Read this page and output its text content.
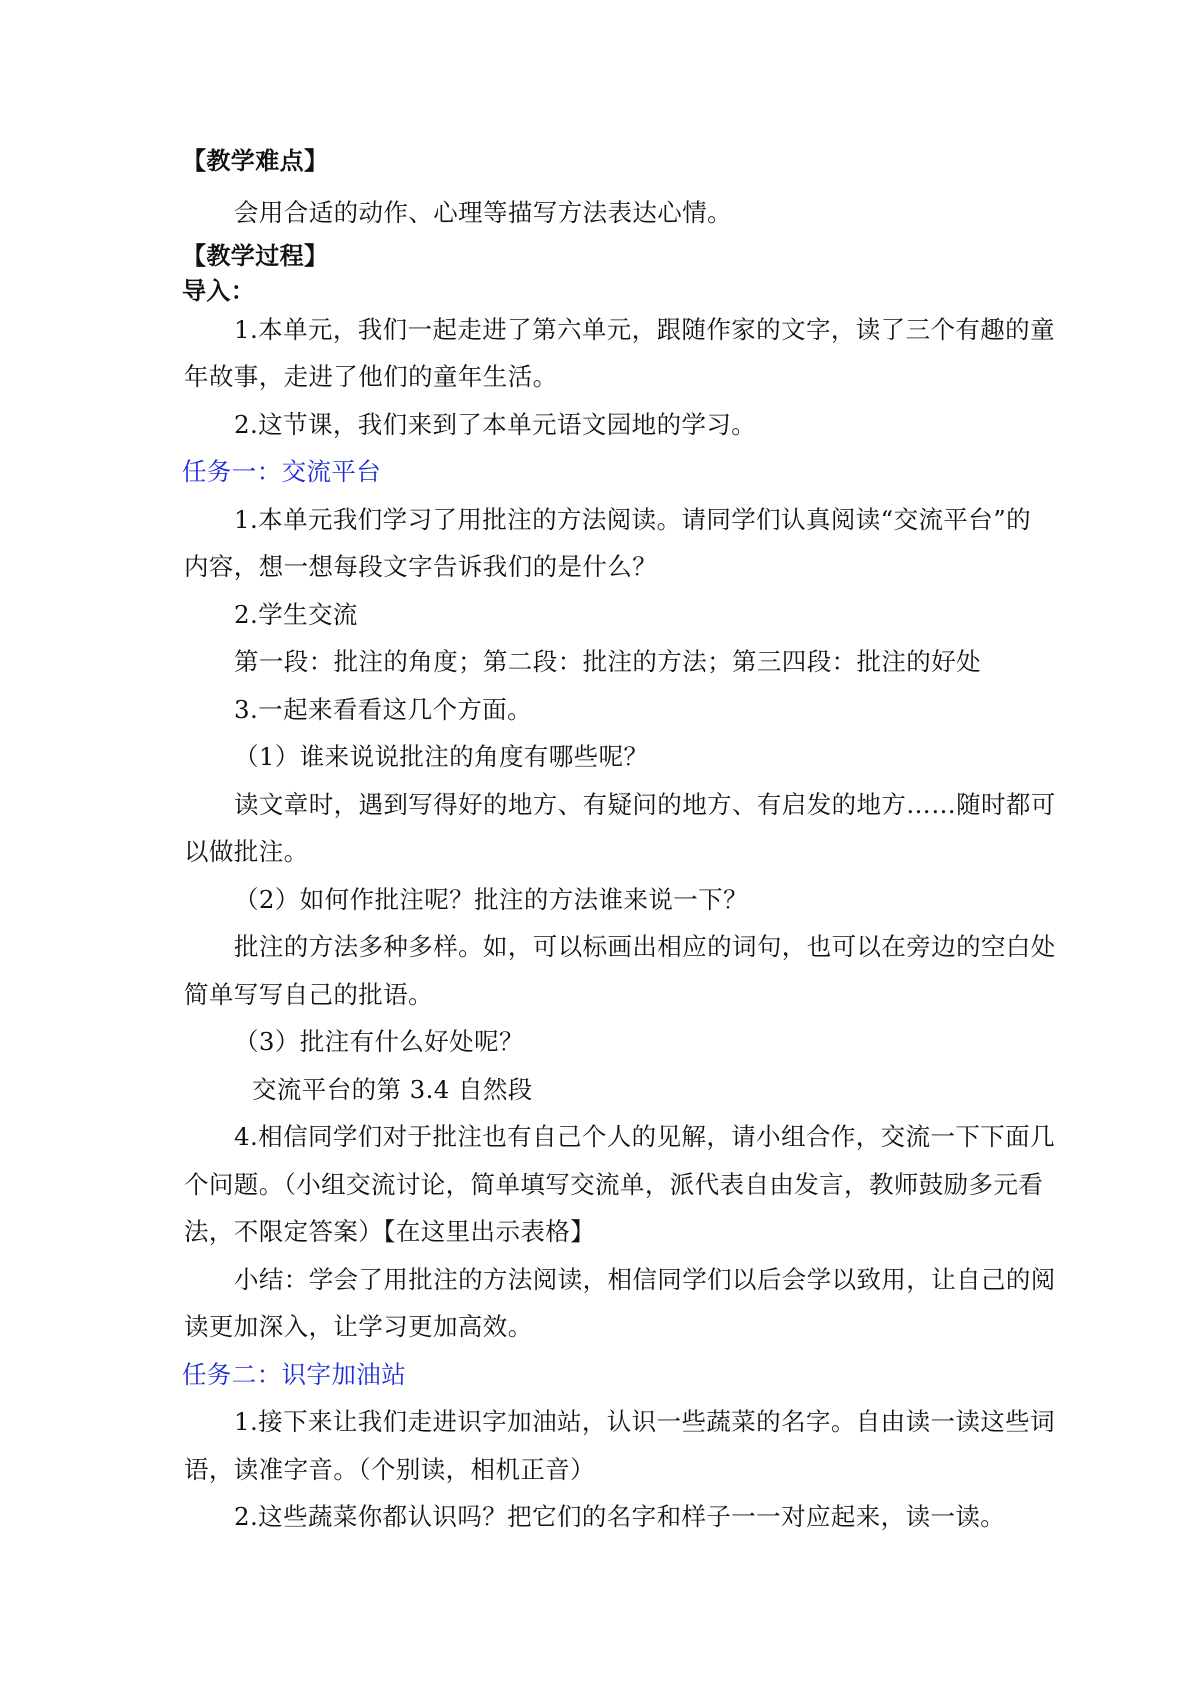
【教学难点】
会用合适的动作、心理等描写方法表达心情。
【教学过程】
导入：
1.本单元，我们一起走进了第六单元，跟随作家的文字，读了三个有趣的童
年故事，走进了他们的童年生活。
2.这节课，我们来到了本单元语文园地的学习。
任务一：交流平台
1.本单元我们学习了用批注的方法阅读。请同学们认真阅读“交流平台”的
内容，想一想每段文字告诉我们的是什么？
2.学生交流
第一段：批注的角度；第二段：批注的方法；第三四段：批注的好处
3.一起来看看这几个方面。
（1）谁来说说批注的角度有哪些呢？
读文章时，遇到写得好的地方、有疑问的地方、有启发的地方……随时都可
以做批注。
（2）如何作批注呢？批注的方法谁来说一下？
批注的方法多种多样。如，可以标画出相应的词句，也可以在旁边的空白处
简单写写自己的批语。
（3）批注有什么好处呢？
交流平台的第 3.4 自然段
4.相信同学们对于批注也有自己个人的见解，请小组合作，交流一下下面几
个问题。（小组交流讨论，简单填写交流单，派代表自由发言，教师鼓励多元看
法，不限定答案）【在这里出示表格】
小结：学会了用批注的方法阅读，相信同学们以后会学以致用，让自己的阅
读更加深入，让学习更加高效。
任务二：识字加油站
1.接下来让我们走进识字加油站，认识一些蔬菜的名字。自由读一读这些词
语，读准字音。（个别读，相机正音）
2.这些蔬菜你都认识吗？把它们的名字和样子一一对应起来，读一读。
